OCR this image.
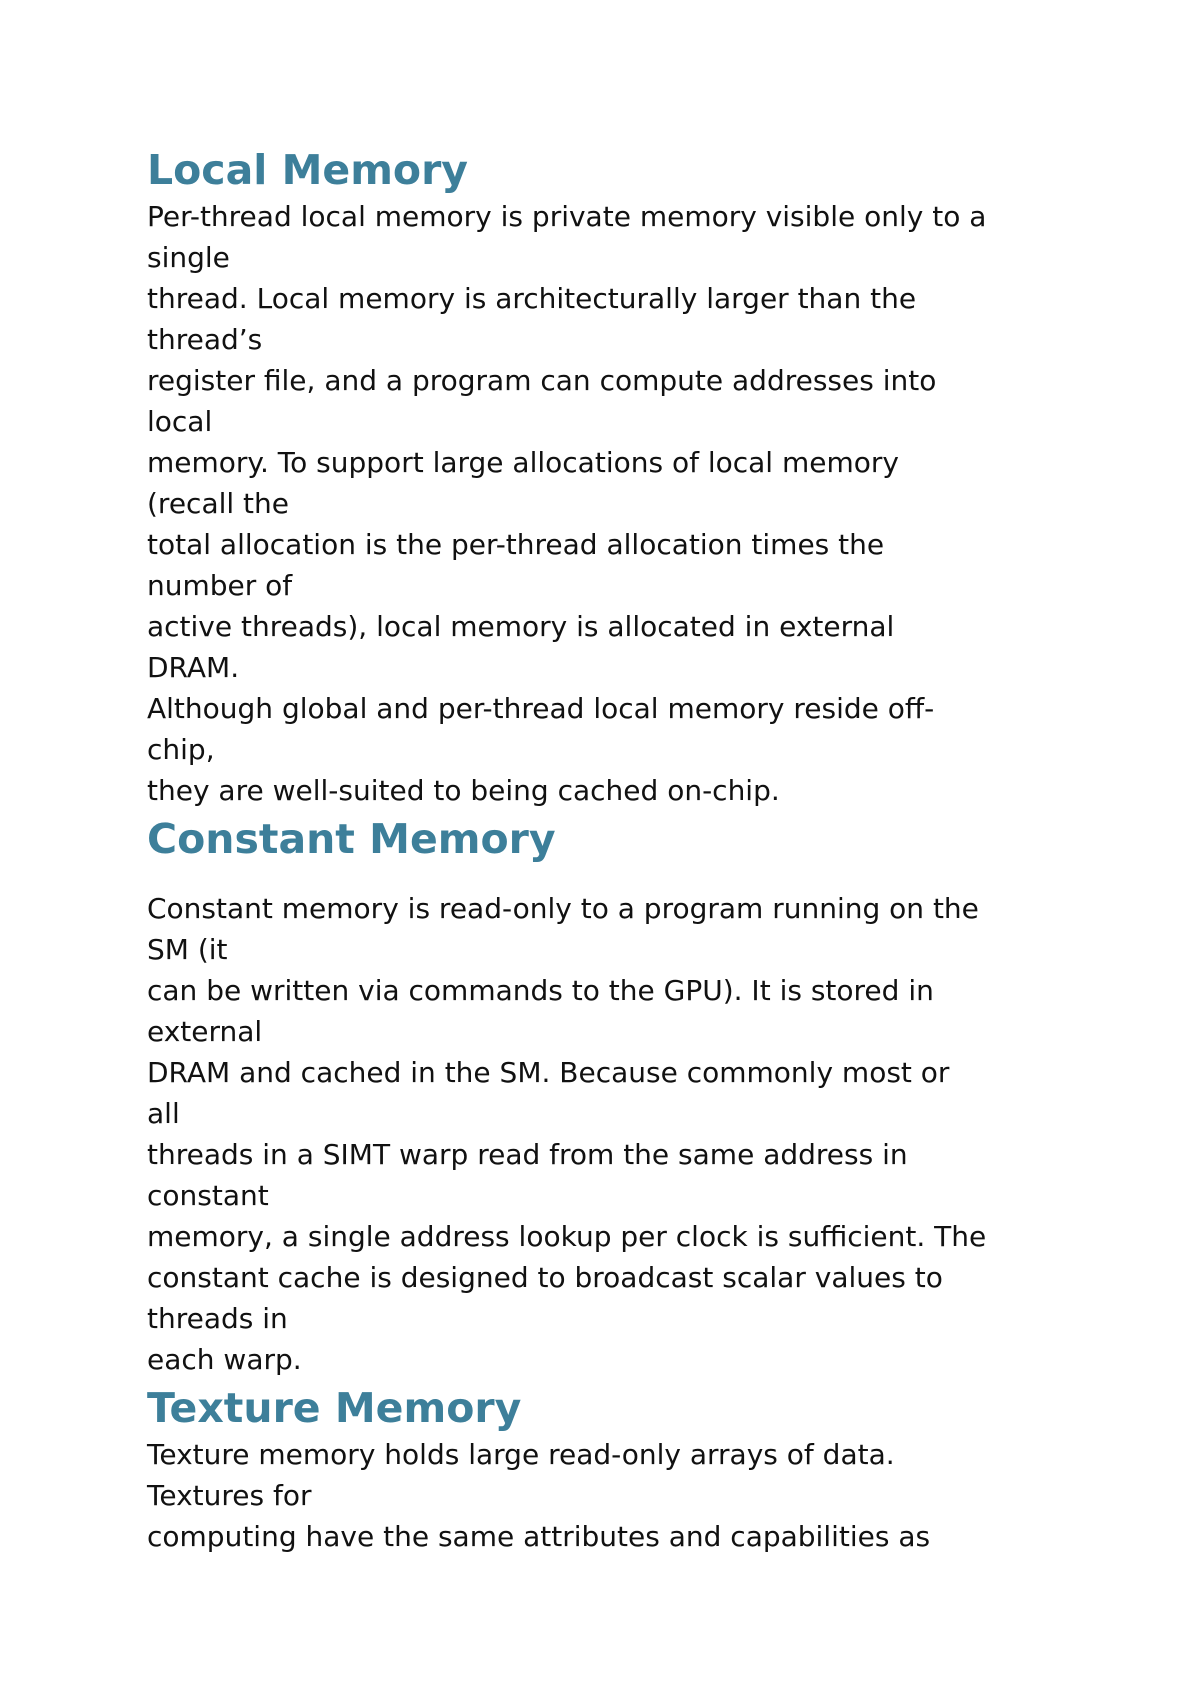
Local Memory

Per-thread local memory is private memory visible only to a

single

thread. Local memory is architecturally larger than the

thread’s

register file, and a program can compute addresses into

local

memory. To support large allocations of local memory

(recall the

total allocation is the per-thread allocation times the

number of

active threads), local memory is allocated in external

DRAM.

Although global and per-thread local memory reside off-

chip,

they are well-suited to being cached on-chip.

Constant Memory

Constant memory is read-only to a program running on the

SM (it

can be written via commands to the GPU). It is stored in

external

DRAM and cached in the SM. Because commonly most or

all

threads in a SIMT warp read from the same address in

constant

memory, a single address lookup per clock is sufficient. The

constant cache is designed to broadcast scalar values to

threads in

each warp.

Texture Memory

Texture memory holds large read-only arrays of data.

Textures for

computing have the same attributes and capabilities as
